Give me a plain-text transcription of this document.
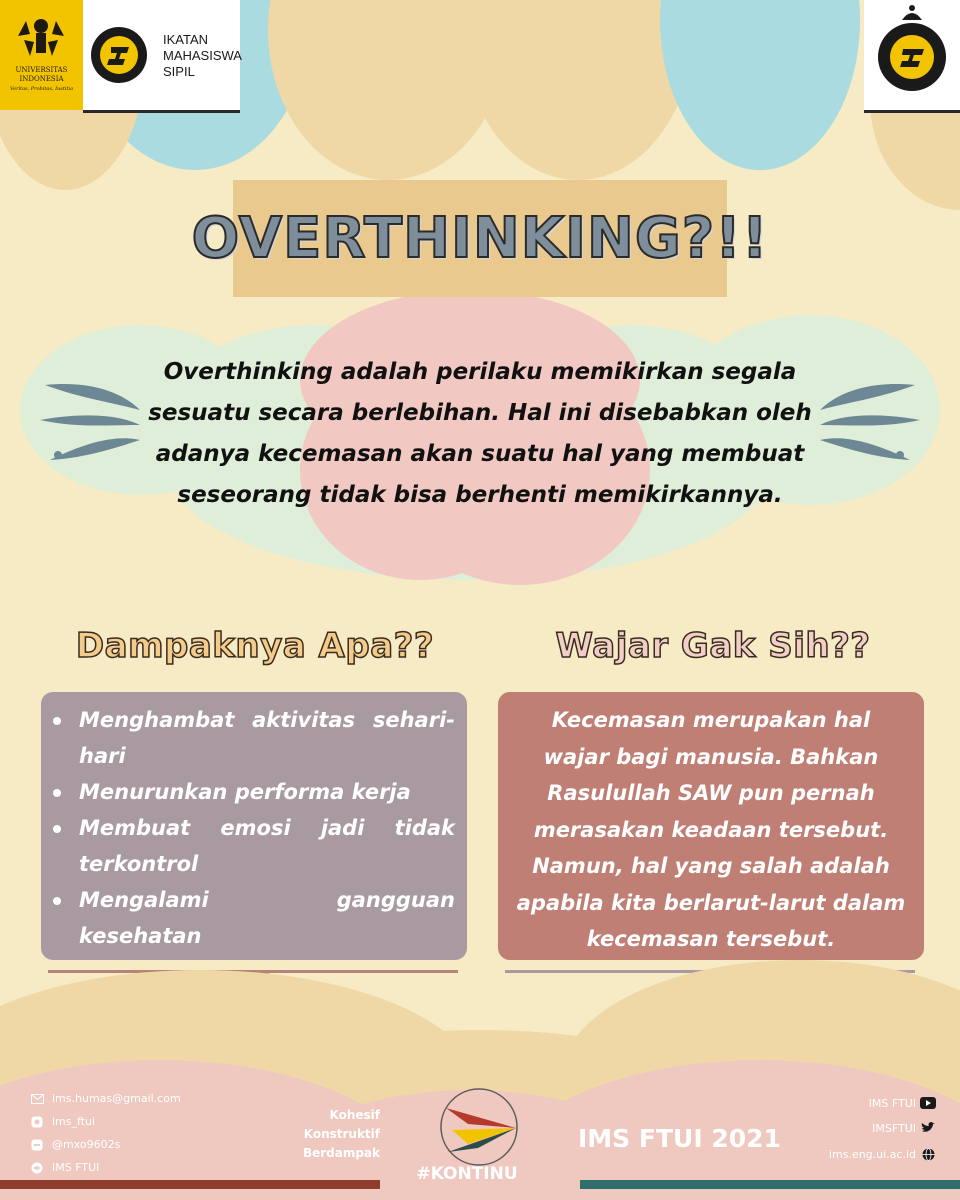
UNIVERSITAS INDONESIA
Veritas, Probitas, Iustitia
IKATAN
MAHASISWA
SIPIL
OVERTHINKING?!!
Overthinking adalah perilaku memikirkan segala sesuatu secara berlebihan. Hal ini disebabkan oleh adanya kecemasan akan suatu hal yang membuat seseorang tidak bisa berhenti memikirkannya.
Dampaknya Apa??	Wajar Gak Sih??
Menghambat aktivitas sehari-hari
Menurunkan performa kerja
Membuat emosi jadi tidak terkontrol
Mengalami gangguan kesehatan
Kecemasan merupakan hal wajar bagi manusia. Bahkan Rasulullah SAW pun pernah merasakan keadaan tersebut. Namun, hal yang salah adalah apabila kita berlarut-larut dalam kecemasan tersebut.
ims.humas@gmail.com
ims_ftui
@mxo9602s
IMS FTUI
Kohesif
Konstruktif
Berdampak
#KONTINU
IMS FTUI 2021
IMS FTUI
IMSFTUI
ims.eng.ui.ac.id
